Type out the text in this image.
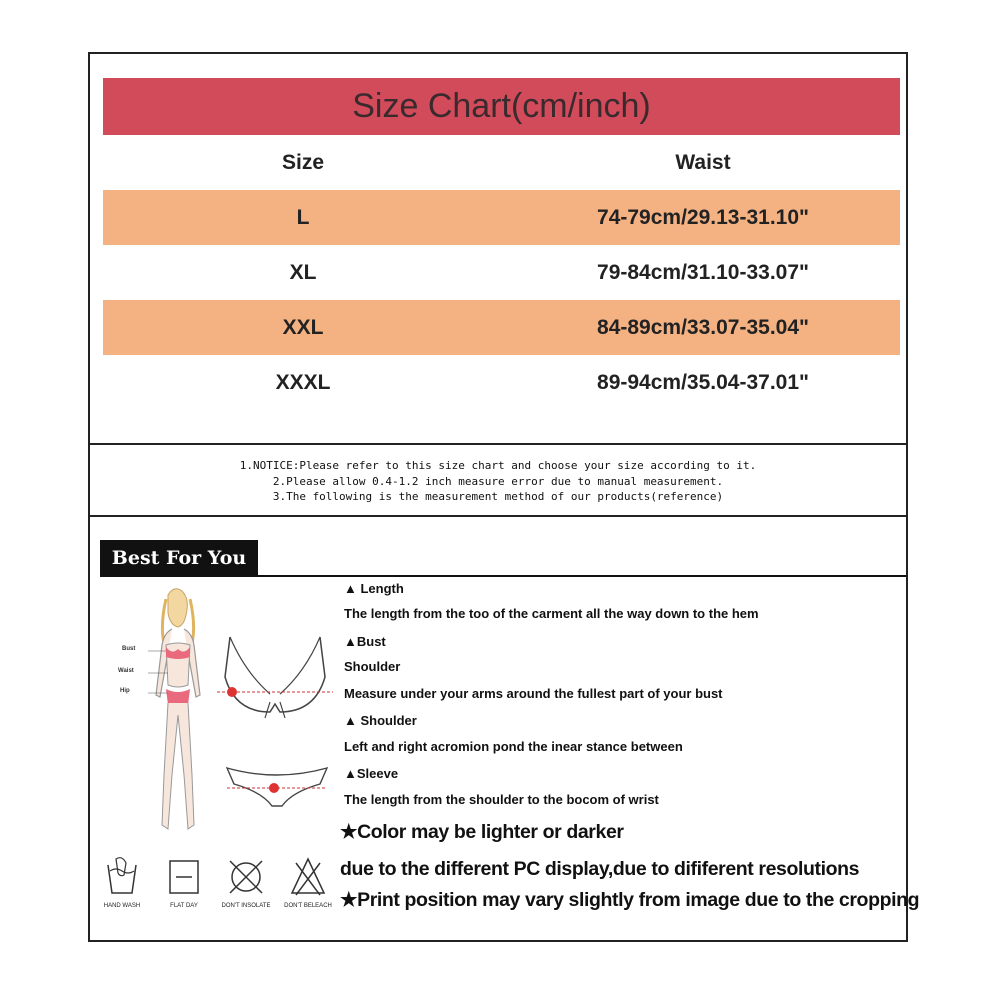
Size Chart(cm/inch)
Size	Waist
L	74-79cm/29.13-31.10"
XL	79-84cm/31.10-33.07"
XXL	84-89cm/33.07-35.04"
XXXL	89-94cm/35.04-37.01"
1.NOTICE:Please refer to this size chart and choose your size according to it.
2.Please allow 0.4-1.2 inch measure error due to manual measurement.
3.The following is the measurement method of our products(reference)
Best For You
Bust
Waist
Hip
▲ Length
The length from the too of the carment all the way down to the hem
▲Bust
Shoulder
Measure under your arms around the fullest part of your bust
▲ Shoulder
Left and right acromion pond the inear stance between
▲Sleeve
The length from the shoulder to the bocom of wrist
★Color may be lighter or darker
due to the different PC display,due to dififerent resolutions
★Print position may vary slightly from image due to the cropping
HAND WASH	FLAT DAY	DON'T INSOLATE	DON'T BELEACH
